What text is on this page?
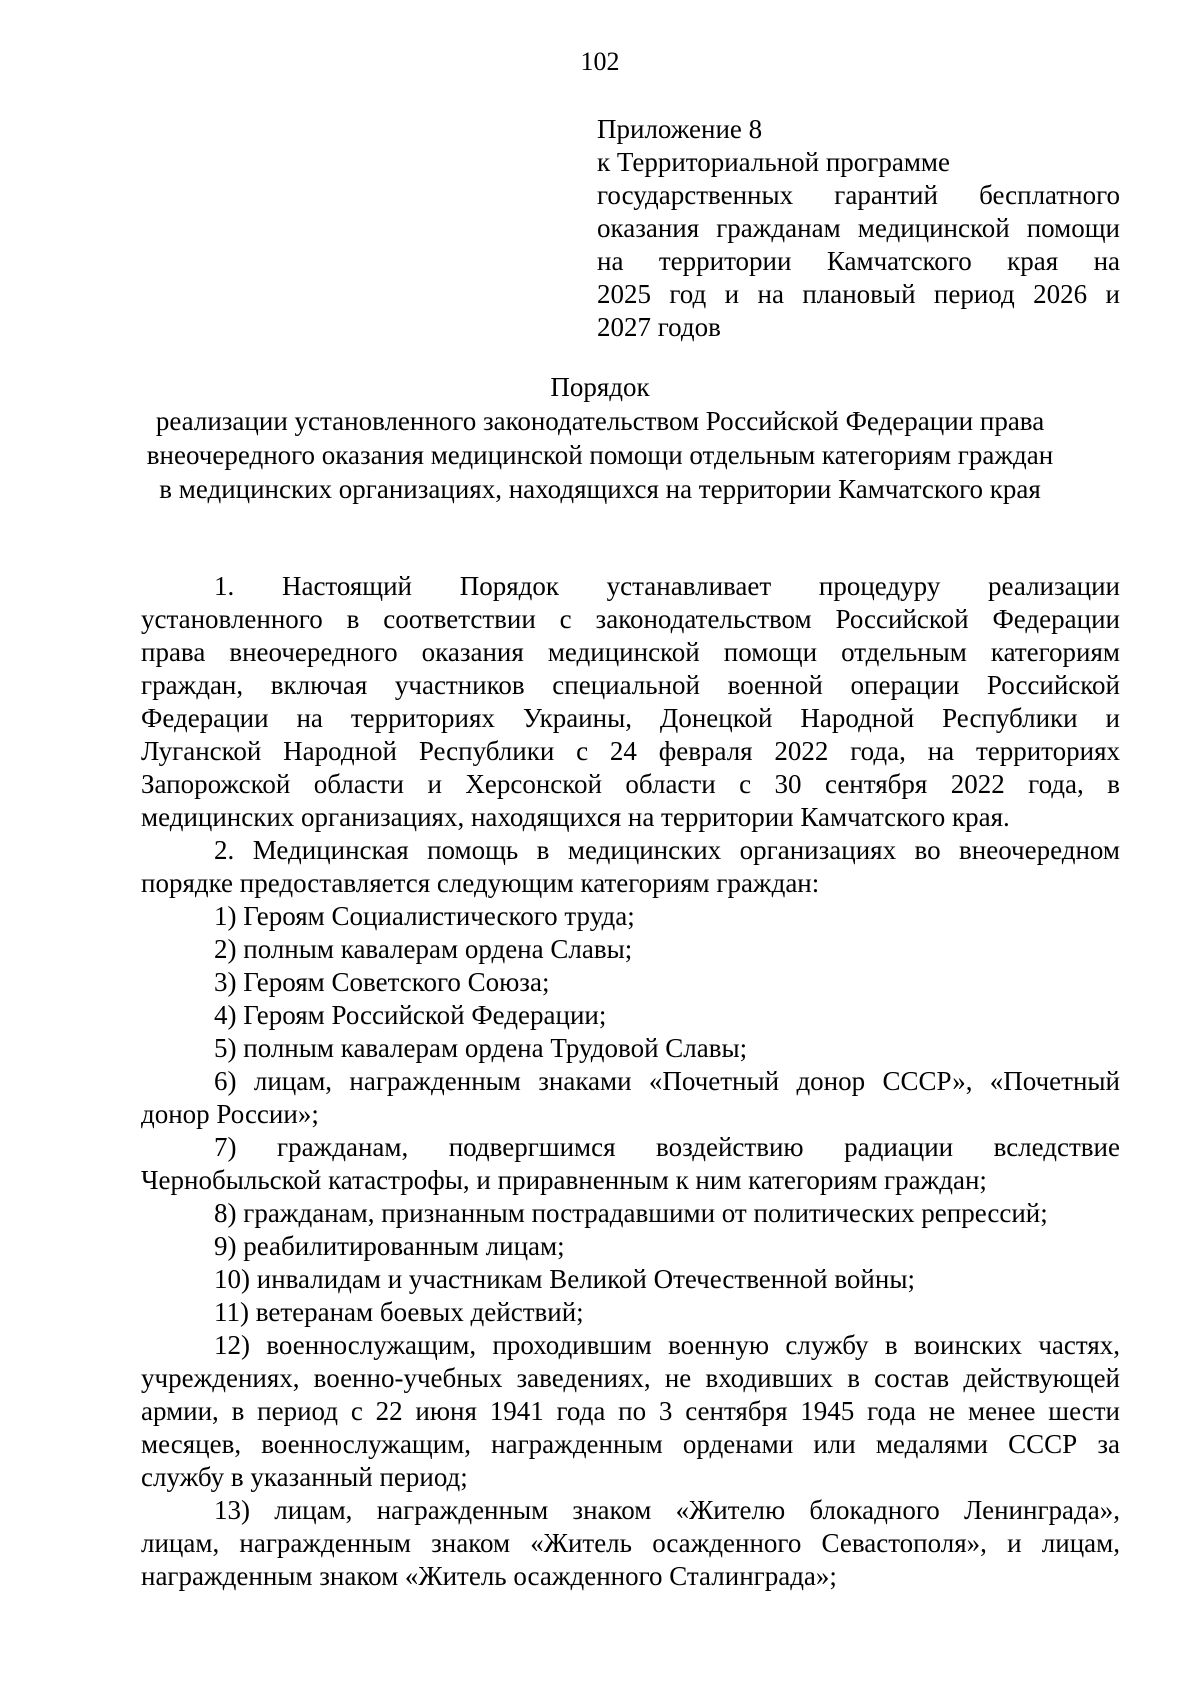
102
Приложение 8
к Территориальной программе
государственных гарантий бесплатного
оказания гражданам медицинской помощи
на территории Камчатского края на
2025 год и на плановый период 2026 и
2027 годов
Порядок
реализации установленного законодательством Российской Федерации права
внеочередного оказания медицинской помощи отдельным категориям граждан
в медицинских организациях, находящихся на территории Камчатского края

1. Настоящий Порядок устанавливает процедуру реализации
установленного в соответствии с законодательством Российской Федерации
права внеочередного оказания медицинской помощи отдельным категориям
граждан, включая участников специальной военной операции Российской
Федерации на территориях Украины, Донецкой Народной Республики и
Луганской Народной Республики с 24 февраля 2022 года, на территориях
Запорожской области и Херсонской области с 30 сентября 2022 года, в
медицинских организациях, находящихся на территории Камчатского края.

2. Медицинская помощь в медицинских организациях во внеочередном
порядке предоставляется следующим категориям граждан:

1) Героям Социалистического труда;

2) полным кавалерам ордена Славы;

3) Героям Советского Союза;

4) Героям Российской Федерации;

5) полным кавалерам ордена Трудовой Славы;

6) лицам, награжденным знаками «Почетный донор СССР», «Почетный
донор России»;

7) гражданам, подвергшимся воздействию радиации вследствие
Чернобыльской катастрофы, и приравненным к ним категориям граждан;

8) гражданам, признанным пострадавшими от политических репрессий;

9) реабилитированным лицам;

10) инвалидам и участникам Великой Отечественной войны;

11) ветеранам боевых действий;

12) военнослужащим, проходившим военную службу в воинских частях,
учреждениях, военно-учебных заведениях, не входивших в состав действующей
армии, в период с 22 июня 1941 года по 3 сентября 1945 года не менее шести
месяцев, военнослужащим, награжденным орденами или медалями СССР за
службу в указанный период;

13) лицам, награжденным знаком «Жителю блокадного Ленинграда»,
лицам, награжденным знаком «Житель осажденного Севастополя», и лицам,
награжденным знаком «Житель осажденного Сталинграда»;
